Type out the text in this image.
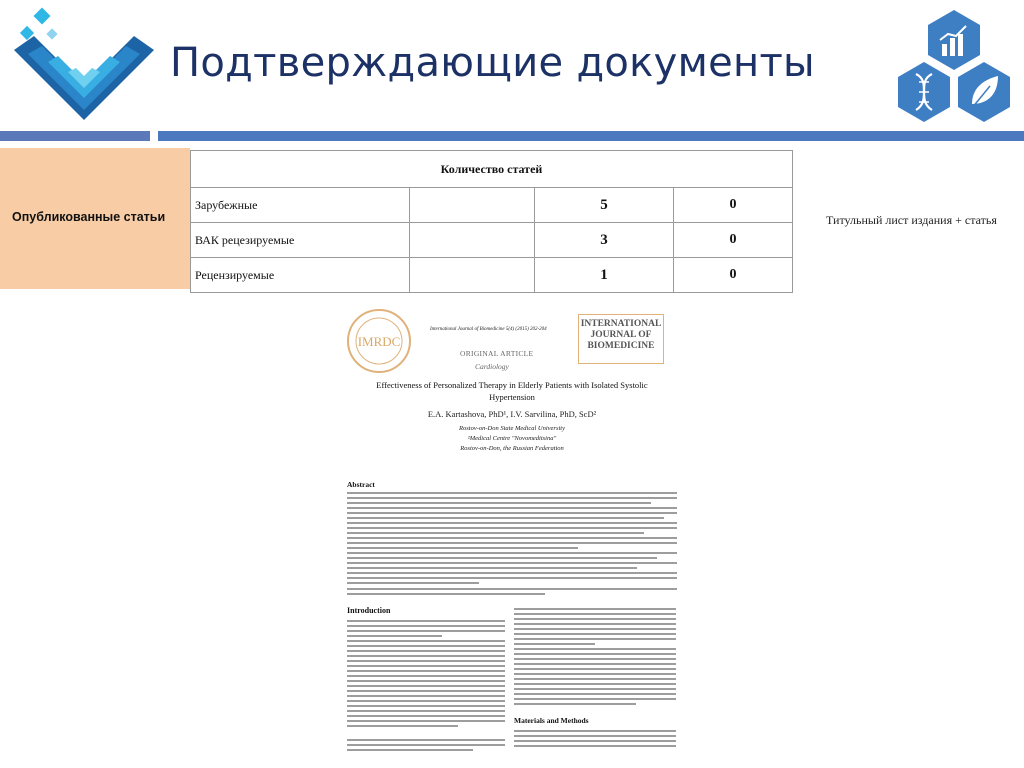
Подтверждающие документы
Опубликованные статьи
Количество статей			
Зарубежные		5	0
ВАК рецезируемые		3	0
Рецензируемые		1	0
Титульный лист издания + статья
IMRDC
International Journal of Biomedicine 5(4) (2015) 202-204
INTERNATIONAL JOURNAL OF BIOMEDICINE
ORIGINAL ARTICLE
Cardiology
Effectiveness of Personalized Therapy in Elderly Patients with Isolated Systolic
Hypertension
E.A. Kartashova, PhD¹, I.V. Sarvilina, PhD, ScD²
Rostov-on-Don State Medical University
²Medical Centre "Novomeditsina"
Rostov-on-Don, the Russian Federation
Abstract
Introduction
Materials and Methods
